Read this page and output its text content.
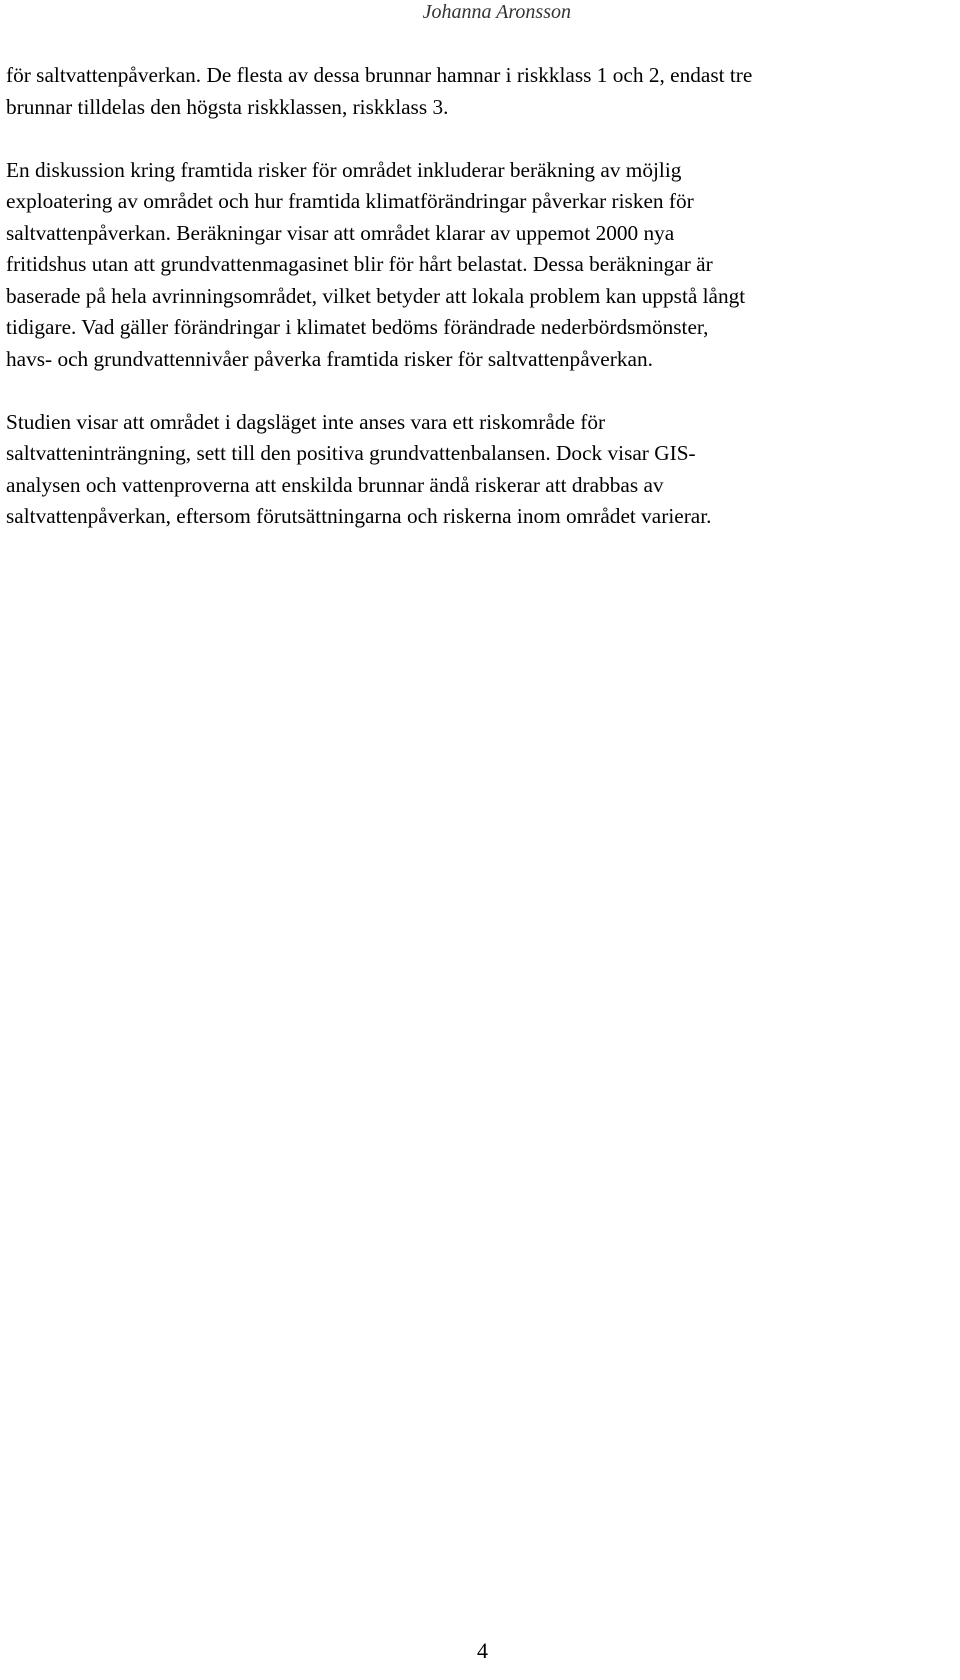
Johanna Aronsson

för saltvattenpåverkan. De flesta av dessa brunnar hamnar i riskklass 1 och 2, endast tre
brunnar tilldelas den högsta riskklassen, riskklass 3.

En diskussion kring framtida risker för området inkluderar beräkning av möjlig
exploatering av området och hur framtida klimatförändringar påverkar risken för
saltvattenpåverkan. Beräkningar visar att området klarar av uppemot 2000 nya
fritidshus utan att grundvattenmagasinet blir för hårt belastat. Dessa beräkningar är
baserade på hela avrinningsområdet, vilket betyder att lokala problem kan uppstå långt
tidigare. Vad gäller förändringar i klimatet bedöms förändrade nederbördsmönster,
havs- och grundvattennivåer påverka framtida risker för saltvattenpåverkan.

Studien visar att området i dagsläget inte anses vara ett riskområde för
saltvatteninträngning, sett till den positiva grundvattenbalansen. Dock visar GIS-
analysen och vattenproverna att enskilda brunnar ändå riskerar att drabbas av
saltvattenpåverkan, eftersom förutsättningarna och riskerna inom området varierar.

4
